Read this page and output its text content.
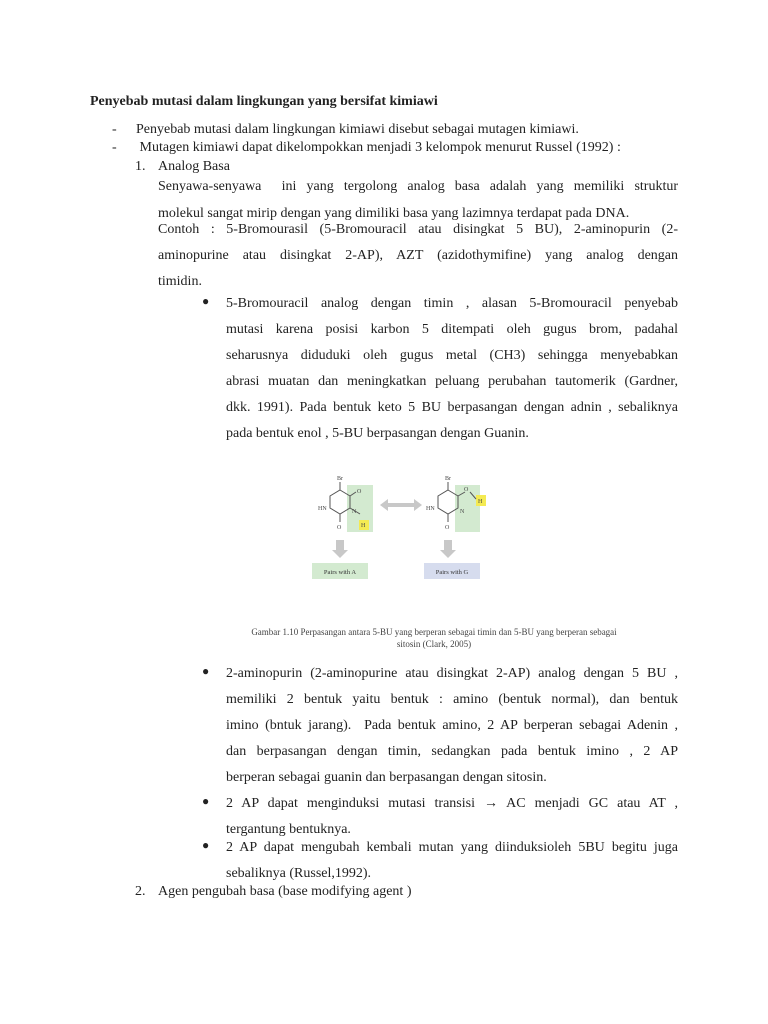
Penyebab mutasi dalam lingkungan yang bersifat kimiawi
- Penyebab mutasi dalam lingkungan kimiawi disebut sebagai mutagen kimiawi.
- Mutagen kimiawi dapat dikelompokkan menjadi 3 kelompok menurut Russel (1992) :
1. Analog Basa
Senyawa-senyawa  ini yang tergolong analog basa adalah yang memiliki struktur
molekul sangat mirip dengan yang dimiliki basa yang lazimnya terdapat pada DNA.
Contoh : 5-Bromourasil (5-Bromouracil atau disingkat 5 BU), 2-aminopurin (2-
aminopurine atau disingkat 2-AP), AZT (azidothymifine) yang analog dengan
timidin.
● 5-Bromouracil analog dengan timin , alasan 5-Bromouracil penyebab
mutasi karena posisi karbon 5 ditempati oleh gugus brom, padahal
seharusnya diduduki oleh gugus metal (CH3) sehingga menyebabkan
abrasi muatan dan meningkatkan peluang perubahan tautomerik (Gardner,
dkk. 1991). Pada bentuk keto 5 BU berpasangan dengan adnin , sebaliknya
pada bentuk enol , 5-BU berpasangan dengan Guanin.
Br
O
HN
O
N
H
Br
O
H
HN
O
N
Pairs with A	Pairs with G
Gambar 1.10 Perpasangan antara 5-BU yang berperan sebagai timin dan 5-BU yang berperan sebagai
sitosin (Clark, 2005)
● 2-aminopurin (2-aminopurine atau disingkat 2-AP) analog dengan 5 BU ,
memiliki 2 bentuk yaitu bentuk : amino (bentuk normal), dan bentuk
imino (bntuk jarang).  Pada bentuk amino, 2 AP berperan sebagai Adenin ,
dan berpasangan dengan timin, sedangkan pada bentuk imino , 2 AP
berperan sebagai guanin dan berpasangan dengan sitosin.
● 2 AP dapat menginduksi mutasi transisi → AC menjadi GC atau AT ,
tergantung bentuknya.
● 2 AP dapat mengubah kembali mutan yang diinduksioleh 5BU begitu juga
sebaliknya (Russel,1992).
2. Agen pengubah basa (base modifying agent )
